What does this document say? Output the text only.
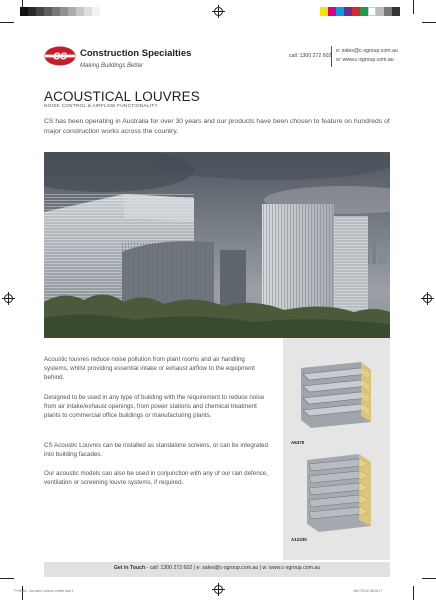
CS Construction Specialties
Making Buildings Better
call: 1300 272 602
e: sales@c-sgroup.com.au
w: www.c-sgroup.com.au
ACOUSTICAL LOUVRES
NOISE CONTROL & AIRFLOW FUNCTIONALITY
CS has been operating in Australia for over 30 years and our products have been chosen to feature on hundreds of major construction works across the country.
Acoustic louvres reduce noise pollution from plant rooms and air handling systems, whilst providing essential intake or exhaust airflow to the equipment behind.
Designed to be used in any type of building with the requirement to reduce noise from air intake/exhaust openings, from power stations and chemical treatment plants to commercial office buildings or manufacturing plants.
CS Acoustic Louvres can be installed as standalone screens, or can be integrated into building facades.
Our acoustic models can also be used in conjunction with any of our rain defence, ventilation or screening louvre systems, if required.
A6370
A12330
Get in Touch - call: 1300 272 602 | e: sales@c-sgroup.com.au | w: www.c-sgroup.com.au
FY06 AU - Acoustic Louvres Leaflet.indd 1	08/07/2016 08:28:17
